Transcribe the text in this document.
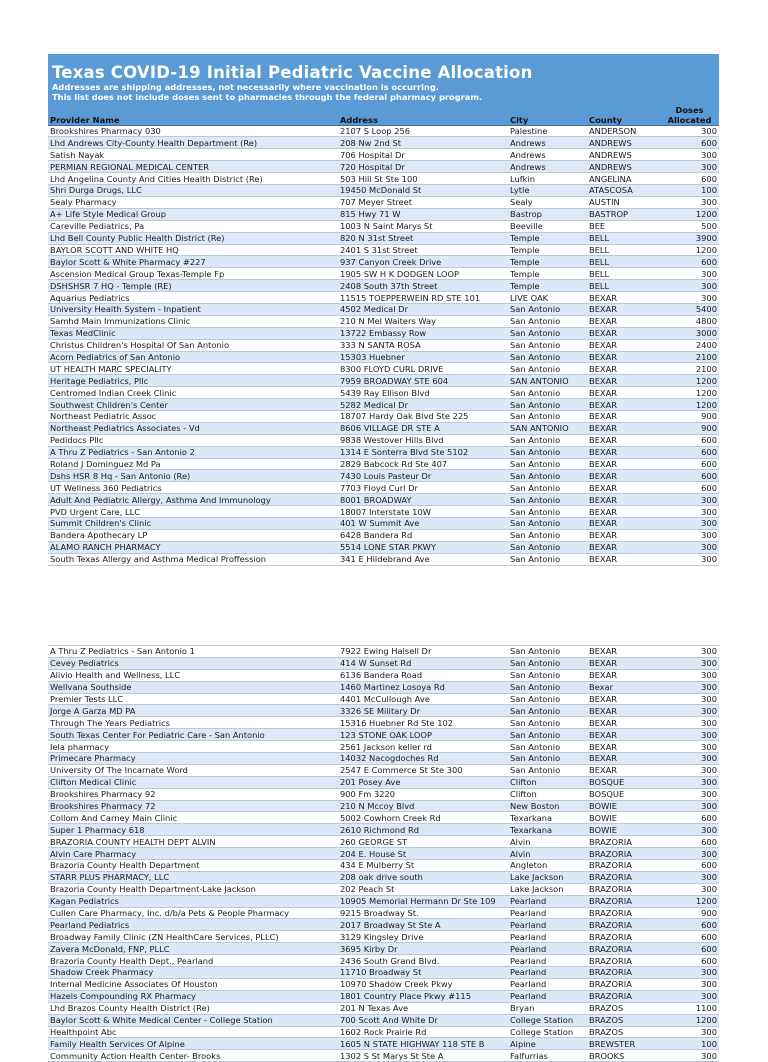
Texas COVID-19 Initial Pediatric Vaccine Allocation
Addresses are shipping addresses, not necessarily where vaccination is occurring.
This list does not include doses sent to pharmacies through the federal pharmacy program.
Provider Name	Address	City	County	Doses
Allocated
Brookshires Pharmacy 030	2107 S Loop 256	Palestine	ANDERSON	300
Lhd Andrews City-County Health Department (Re)	208 Nw 2nd St	Andrews	ANDREWS	600
Satish Nayak	706 Hospital Dr	Andrews	ANDREWS	300
PERMIAN REGIONAL MEDICAL CENTER	720 Hospital Dr	Andrews	ANDREWS	300
Lhd Angelina County And Cities Health District (Re)	503 Hill St Ste 100	Lufkin	ANGELINA	600
Shri Durga Drugs, LLC	19450 McDonald St	Lytle	ATASCOSA	100
Sealy Pharmacy	707 Meyer Street	Sealy	AUSTIN	300
A+ Life Style Medical Group	815 Hwy 71 W	Bastrop	BASTROP	1200
Careville Pediatrics, Pa	1003 N Saint Marys St	Beeville	BEE	500
Lhd Bell County Public Health District (Re)	820 N 31st Street	Temple	BELL	3900
BAYLOR SCOTT AND WHITE HQ	2401 S 31st Street	Temple	BELL	1200
Baylor Scott & White Pharmacy #227	937 Canyon Creek Drive	Temple	BELL	600
Ascension Medical Group Texas-Temple Fp	1905 SW H K DODGEN LOOP	Temple	BELL	300
DSHSHSR 7 HQ - Temple (RE)	2408 South 37th Street	Temple	BELL	300
Aquarius Pediatrics	11515 TOEPPERWEIN RD STE 101	LIVE OAK	BEXAR	300
University Health System - Inpatient	4502 Medical Dr	San Antonio	BEXAR	5400
Samhd Main Immunizations Clinic	210 N Mel Waiters Way	San Antonio	BEXAR	4800
Texas MedClinic	13722 Embassy Row	San Antonio	BEXAR	3000
Christus Children's Hospital Of San Antonio	333 N SANTA ROSA	San Antonio	BEXAR	2400
Acorn Pediatrics of San Antonio	15303 Huebner	San Antonio	BEXAR	2100
UT HEALTH MARC SPECIALITY	8300 FLOYD CURL DRIVE	San Antonio	BEXAR	2100
Heritage Pediatrics, Pllc	7959 BROADWAY STE 604	SAN ANTONIO	BEXAR	1200
Centromed Indian Creek Clinic	5439 Ray Ellison Blvd	San Antonio	BEXAR	1200
Southwest Children's Center	5282 Medical Dr	San Antonio	BEXAR	1200
Northeast Pediatric Assoc	18707 Hardy Oak Blvd Ste 225	San Antonio	BEXAR	900
Northeast Pediatrics Associates - Vd	8606 VILLAGE DR STE A	SAN ANTONIO	BEXAR	900
Pedidocs Pllc	9838 Westover Hills Blvd	San Antonio	BEXAR	600
A Thru Z Pediatrics - San Antonio 2	1314 E Sonterra Blvd Ste 5102	San Antonio	BEXAR	600
Roland J Dominguez Md Pa	2829 Babcock Rd Ste 407	San Antonio	BEXAR	600
Dshs HSR 8 Hq - San Antonio (Re)	7430 Louis Pasteur Dr	San Antonio	BEXAR	600
UT Wellness 360 Pediatrics	7703 Floyd Curl Dr	San Antonio	BEXAR	600
Adult And Pediatric Allergy, Asthma And Immunology	8001 BROADWAY	San Antonio	BEXAR	300
PVD Urgent Care, LLC	18007 Interstate 10W	San Antonio	BEXAR	300
Summit Children's Clinic	401 W Summit Ave	San Antonio	BEXAR	300
Bandera Apothecary LP	6428 Bandera Rd	San Antonio	BEXAR	300
ALAMO RANCH PHARMACY	5514 LONE STAR PKWY	San Antonio	BEXAR	300
South Texas Allergy and Asthma Medical Proffession	341 E Hildebrand Ave	San Antonio	BEXAR	300
A Thru Z Pediatrics - San Antonio 1	7922 Ewing Halsell Dr	San Antonio	BEXAR	300
Cevey Pediatrics	414 W Sunset Rd	San Antonio	BEXAR	300
Alivio Health and Wellness, LLC	6136 Bandera Road	San Antonio	BEXAR	300
Wellvana Southside	1460 Martinez Losoya Rd	San Antonio	Bexar	300
Premier Tests LLC	4401 McCullough Ave	San Antonio	BEXAR	300
Jorge A Garza MD PA	3326 SE Military Dr	San Antonio	BEXAR	300
Through The Years Pediatrics	15316 Huebner Rd Ste 102	San Antonio	BEXAR	300
South Texas Center For Pediatric Care - San Antonio	123 STONE OAK LOOP	San Antonio	BEXAR	300
Iela pharmacy	2561 Jackson keller rd	San Antonio	BEXAR	300
Primecare Pharmacy	14032 Nacogdoches Rd	San Antonio	BEXAR	300
University Of The Incarnate Word	2547 E Commerce St Ste 300	San Antonio	BEXAR	300
Clifton Medical Clinic	201 Posey Ave	Clifton	BOSQUE	300
Brookshires Pharmacy 92	900 Fm 3220	Clifton	BOSQUE	300
Brookshires Pharmacy 72	210 N Mccoy Blvd	New Boston	BOWIE	300
Collom And Carney Main Clinic	5002 Cowhorn Creek Rd	Texarkana	BOWIE	600
Super 1 Pharmacy 618	2610 Richmond Rd	Texarkana	BOWIE	300
BRAZORIA COUNTY HEALTH DEPT ALVIN	260 GEORGE ST	Alvin	BRAZORIA	600
Alvin Care Pharmacy	204 E. House St	Alvin	BRAZORIA	300
Brazoria County Health Department	434 E Mulberry St	Angleton	BRAZORIA	600
STARR PLUS PHARMACY, LLC	208 oak drive south	Lake Jackson	BRAZORIA	300
Brazoria County Health Department-Lake Jackson	202 Peach St	Lake Jackson	BRAZORIA	300
Kagan Pediatrics	10905 Memorial Hermann Dr Ste 109	Pearland	BRAZORIA	1200
Cullen Care Pharmacy, Inc. d/b/a Pets & People Pharmacy	9215 Broadway St.	Pearland	BRAZORIA	900
Pearland Pediatrics	2017 Broadway St Ste A	Pearland	BRAZORIA	600
Broadway Family Clinic (ZN HealthCare Services, PLLC)	3129 Kingsley Drive	Pearland	BRAZORIA	600
Zavera McDonald, FNP, PLLC	3695 Kirby Dr	Pearland	BRAZORIA	600
Brazoria County Health Dept., Pearland	2436 South Grand Blvd.	Pearland	BRAZORIA	600
Shadow Creek Pharmacy	11710 Broadway St	Pearland	BRAZORIA	300
Internal Medicine Associates Of Houston	10970 Shadow Creek Pkwy	Pearland	BRAZORIA	300
Hazels Compounding RX Pharmacy	1801 Country Place Pkwy #115	Pearland	BRAZORIA	300
Lhd Brazos County Health District (Re)	201 N Texas Ave	Bryan	BRAZOS	1100
Baylor Scott & White Medical Center - College Station	700 Scott And White Dr	College Station	BRAZOS	1200
Healthpoint Abc	1602 Rock Prairie Rd	College Station	BRAZOS	300
Family Health Services Of Alpine	1605 N STATE HIGHWAY 118 STE B	Alpine	BREWSTER	100
Community Action Health Center- Brooks	1302 S St Marys St Ste A	Falfurrias	BROOKS	300
